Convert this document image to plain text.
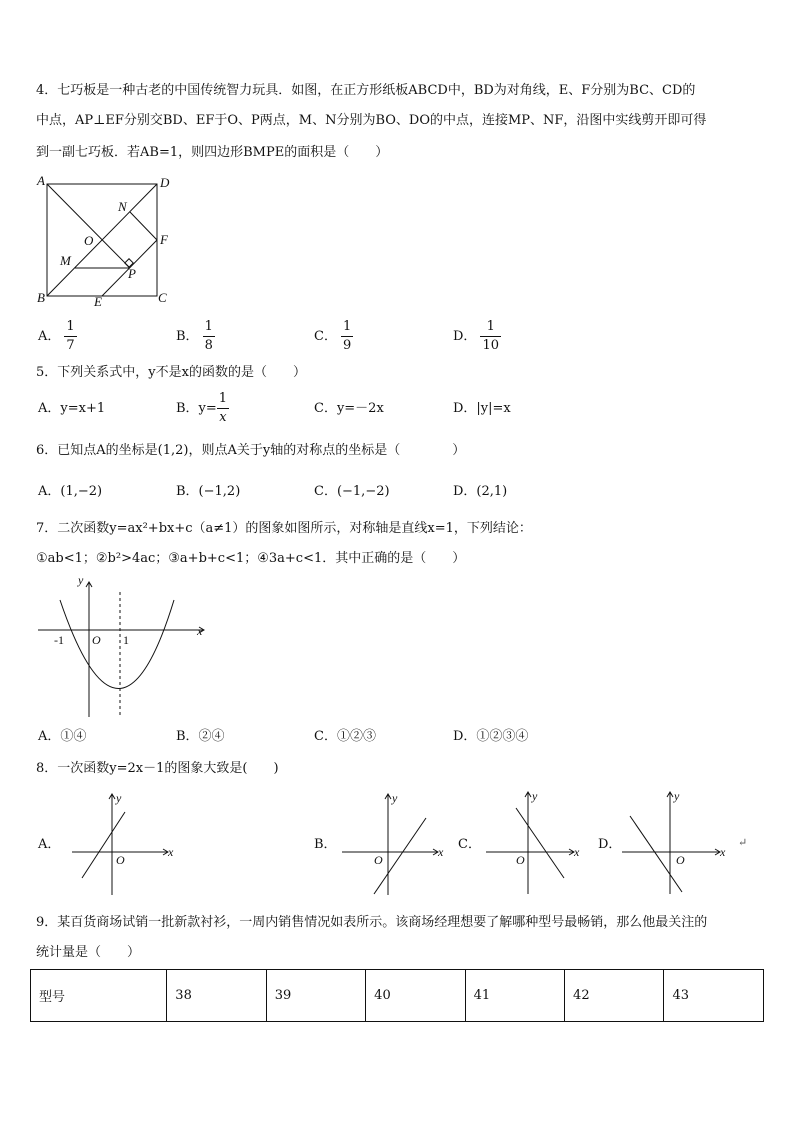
4．七巧板是一种古老的中国传统智力玩具．如图，在正方形纸板ABCD中，BD为对角线，E、F分别为BC、CD的
中点，AP⊥EF分别交BD、EF于O、P两点，M、N分别为BO、DO的中点，连接MP、NF，沿图中实线剪开即可得
到一副七巧板．若AB=1，则四边形BMPE的面积是（　　）
A	D
N
O	F
M
P
B	E	C
A． $\frac{1}{7}$	B． $\frac{1}{8}$	C． $\frac{1}{9}$	D． $\frac{1}{10}$
5．下列关系式中，y不是x的函数的是（　　）
A．y=x+1	B．$y= \frac{1}{x}$	C．y=－2x	D．|y|=x
6．已知点A的坐标是(1,2)，则点A关于y轴的对称点的坐标是（　　　　）
A．(1,−2)	B．(−1,2)	C．(−1,−2)	D．(2,1)
7．二次函数y=ax²+bx+c（a≠1）的图象如图所示，对称轴是直线x=1，下列结论：
①ab<1；②b²>4ac；③a+b+c<1；④3a+c<1．其中正确的是（　　）
y
x
-1 O 1
A．①④	B．②④	C．①②③	D．①②③④
8．一次函数y=2x－1的图象大致是(　　)
A．
y
x
O
B．
y
x
O
C．
y
x
O
D．
y
x
O
↵
9．某百货商场试销一批新款衬衫，一周内销售情况如表所示。该商场经理想要了解哪种型号最畅销，那么他最关注的
统计量是（　　）
型号	38	39	40	41	42	43
